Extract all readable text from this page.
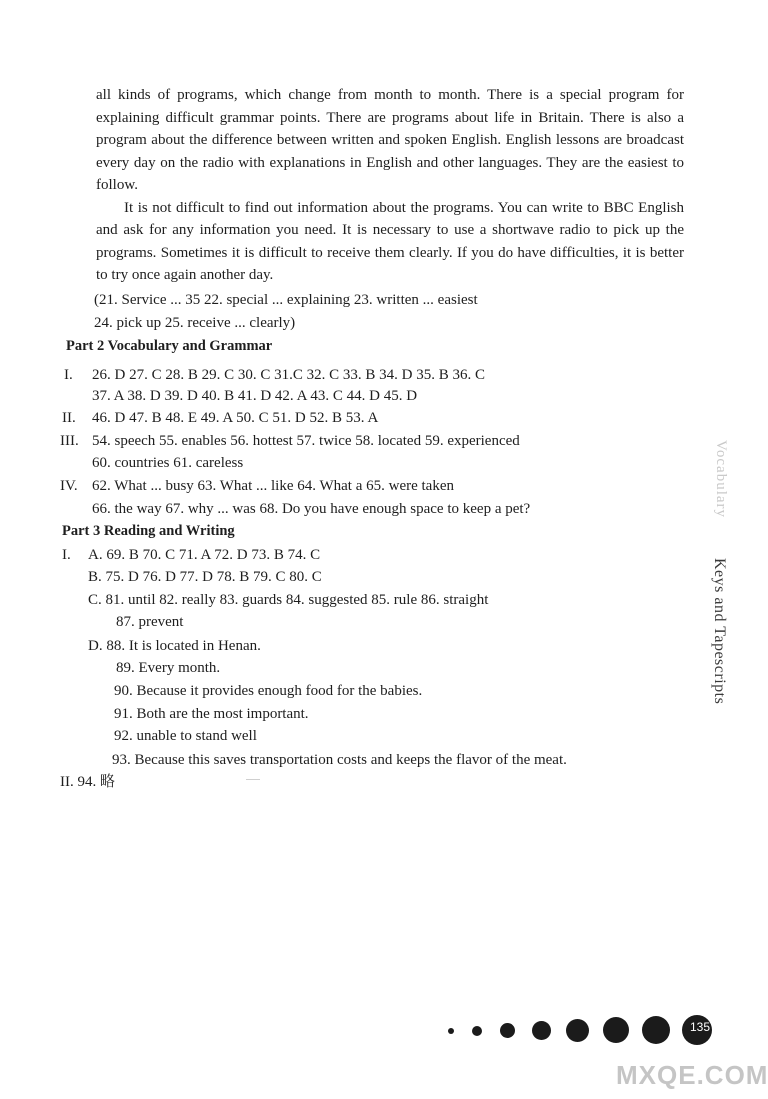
all kinds of programs, which change from month to month. There is a special program for explaining difficult grammar points. There are programs about life in Britain. There is also a program about the difference between written and spoken English. English lessons are broadcast every day on the radio with explanations in English and other languages. They are the easiest to follow.

It is not difficult to find out information about the programs. You can write to BBC English and ask for any information you need. It is necessary to use a shortwave radio to pick up the programs. Sometimes it is difficult to receive them clearly. If you do have difficulties, it is better to try once again another day.

(21. Service ... 35 22. special ... explaining 23. written ... easiest
24. pick up 25. receive ... clearly)
Part 2 Vocabulary and Grammar
I. 26. D 27. C 28. B 29. C 30. C 31.C 32. C 33. B 34. D 35. B 36. C
37. A 38. D 39. D 40. B 41. D 42. A 43. C 44. D 45. D
II. 46. D 47. B 48. E 49. A 50. C 51. D 52. B 53. A
III. 54. speech 55. enables 56. hottest 57. twice 58. located 59. experienced
60. countries 61. careless
IV. 62. What ... busy 63. What ... like 64. What a 65. were taken
66. the way 67. why ... was 68. Do you have enough space to keep a pet?
Part 3 Reading and Writing
I. A. 69. B 70. C 71. A 72. D 73. B 74. C
B. 75. D 76. D 77. D 78. B 79. C 80. C
C. 81. until 82. really 83. guards 84. suggested 85. rule 86. straight
87. prevent
D. 88. It is located in Henan.
89. Every month.
90. Because it provides enough food for the babies.
91. Both are the most important.
92. unable to stand well
93. Because this saves transportation costs and keeps the flavor of the meat.
II. 94. 略
Vocabulary
Keys and Tapescripts
135
MXQE.COM
